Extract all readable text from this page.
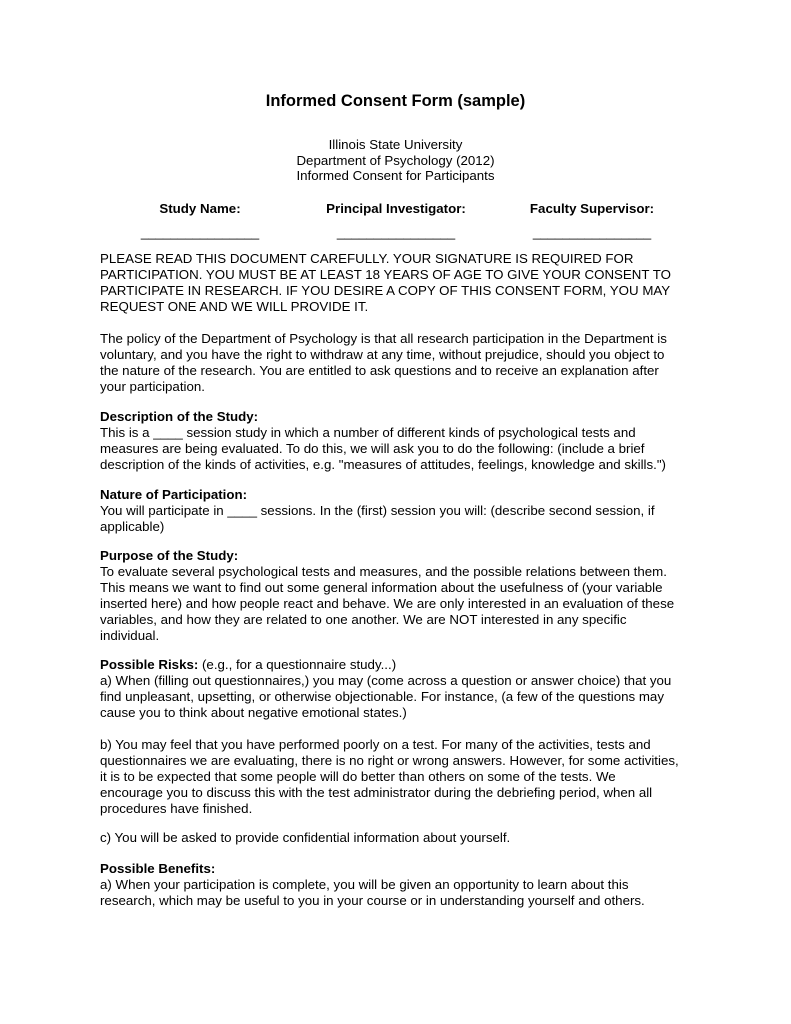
Informed Consent Form (sample)
Illinois State University
Department of Psychology (2012)
Informed Consent for Participants
Study Name:
________________
Principal Investigator:
________________
Faculty Supervisor:
________________
PLEASE READ THIS DOCUMENT CAREFULLY. YOUR SIGNATURE IS REQUIRED FOR
PARTICIPATION. YOU MUST BE AT LEAST 18 YEARS OF AGE TO GIVE YOUR CONSENT TO
PARTICIPATE IN RESEARCH. IF YOU DESIRE A COPY OF THIS CONSENT FORM, YOU MAY
REQUEST ONE AND WE WILL PROVIDE IT.
The policy of the Department of Psychology is that all research participation in the Department is
voluntary, and you have the right to withdraw at any time, without prejudice, should you object to
the nature of the research. You are entitled to ask questions and to receive an explanation after
your participation.
Description of the Study:
This is a ____ session study in which a number of different kinds of psychological tests and
measures are being evaluated. To do this, we will ask you to do the following: (include a brief
description of the kinds of activities, e.g. "measures of attitudes, feelings, knowledge and skills.")
Nature of Participation:
You will participate in ____ sessions. In the (first) session you will: (describe second session, if
applicable)
Purpose of the Study:
To evaluate several psychological tests and measures, and the possible relations between them.
This means we want to find out some general information about the usefulness of (your variable
inserted here) and how people react and behave. We are only interested in an evaluation of these
variables, and how they are related to one another. We are NOT interested in any specific
individual.
Possible Risks: (e.g., for a questionnaire study...)
a) When (filling out questionnaires,) you may (come across a question or answer choice) that you
find unpleasant, upsetting, or otherwise objectionable. For instance, (a few of the questions may
cause you to think about negative emotional states.)
b) You may feel that you have performed poorly on a test. For many of the activities, tests and
questionnaires we are evaluating, there is no right or wrong answers. However, for some activities,
it is to be expected that some people will do better than others on some of the tests. We
encourage you to discuss this with the test administrator during the debriefing period, when all
procedures have finished.
c) You will be asked to provide confidential information about yourself.
Possible Benefits:
a) When your participation is complete, you will be given an opportunity to learn about this
research, which may be useful to you in your course or in understanding yourself and others.
